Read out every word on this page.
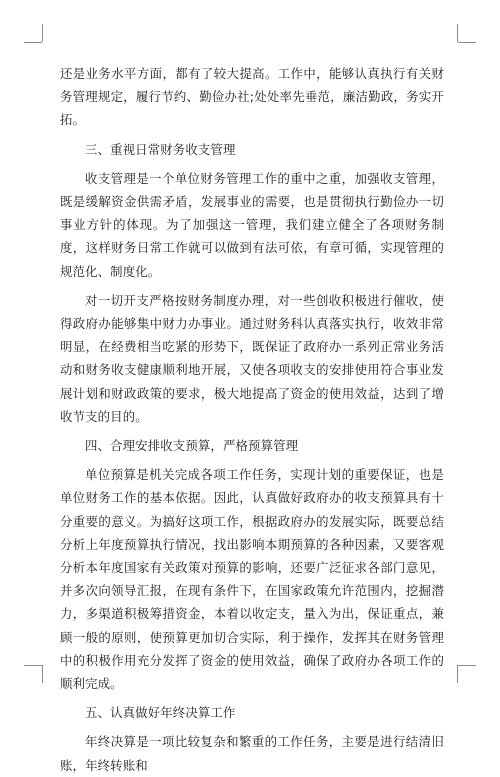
还是业务水平方面，都有了较大提高。工作中，能够认真执行有关财务管理规定，履行节约、勤俭办社;处处率先垂范，廉洁勤政，务实开拓。

三、重视日常财务收支管理

收支管理是一个单位财务管理工作的重中之重，加强收支管理，既是缓解资金供需矛盾，发展事业的需要，也是贯彻执行勤俭办一切事业方针的体现。为了加强这一管理，我们建立健全了各项财务制度，这样财务日常工作就可以做到有法可依，有章可循，实现管理的规范化、制度化。

对一切开支严格按财务制度办理，对一些创收积极进行催收，使得政府办能够集中财力办事业。通过财务科认真落实执行，收效非常明显，在经费相当吃紧的形势下，既保证了政府办一系列正常业务活动和财务收支健康顺利地开展，又使各项收支的安排使用符合事业发展计划和财政政策的要求，极大地提高了资金的使用效益，达到了增收节支的目的。

四、合理安排收支预算，严格预算管理

单位预算是机关完成各项工作任务，实现计划的重要保证，也是单位财务工作的基本依据。因此，认真做好政府办的收支预算具有十分重要的意义。为搞好这项工作，根据政府办的发展实际，既要总结分析上年度预算执行情况，找出影响本期预算的各种因素，又要客观分析本年度国家有关政策对预算的影响，还要广泛征求各部门意见，并多次向领导汇报，在现有条件下，在国家政策允许范围内，挖掘潜力，多渠道积极筹措资金，本着以收定支，量入为出，保证重点，兼顾一般的原则，使预算更加切合实际，利于操作，发挥其在财务管理中的积极作用充分发挥了资金的使用效益，确保了政府办各项工作的顺利完成。

五、认真做好年终决算工作

年终决算是一项比较复杂和繁重的工作任务，主要是进行结清旧账，年终转账和
